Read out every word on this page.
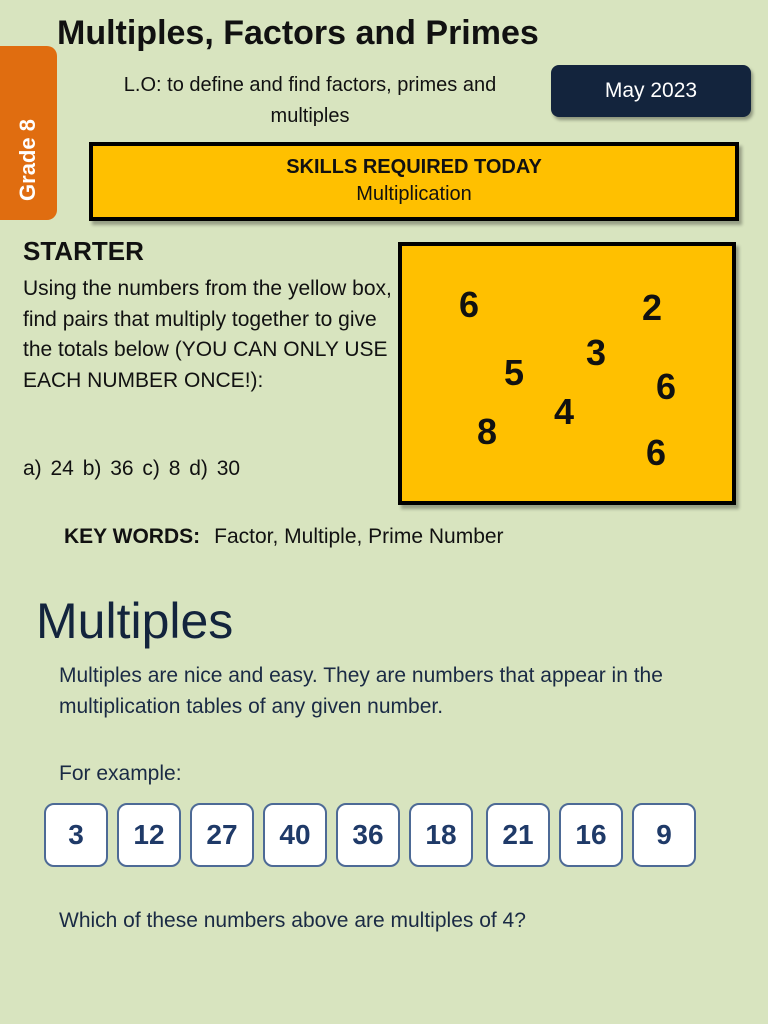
Grade 8
Multiples, Factors and Primes
L.O: to define and find factors, primes and multiples
May 2023
SKILLS REQUIRED TODAY
Multiplication
STARTER
Using the numbers from the yellow box, find pairs that multiply together to give the totals below (YOU CAN ONLY USE EACH NUMBER ONCE!):
a) 24 b) 36 c) 8 d) 30
6	2
3
5	6
4
8
6
KEY WORDS: Factor, Multiple, Prime Number
Multiples
Multiples are nice and easy. They are numbers that appear in the multiplication tables of any given number.
For example:
3	12	27	40	36	18	21	16	9
Which of these numbers above are multiples of 4?
